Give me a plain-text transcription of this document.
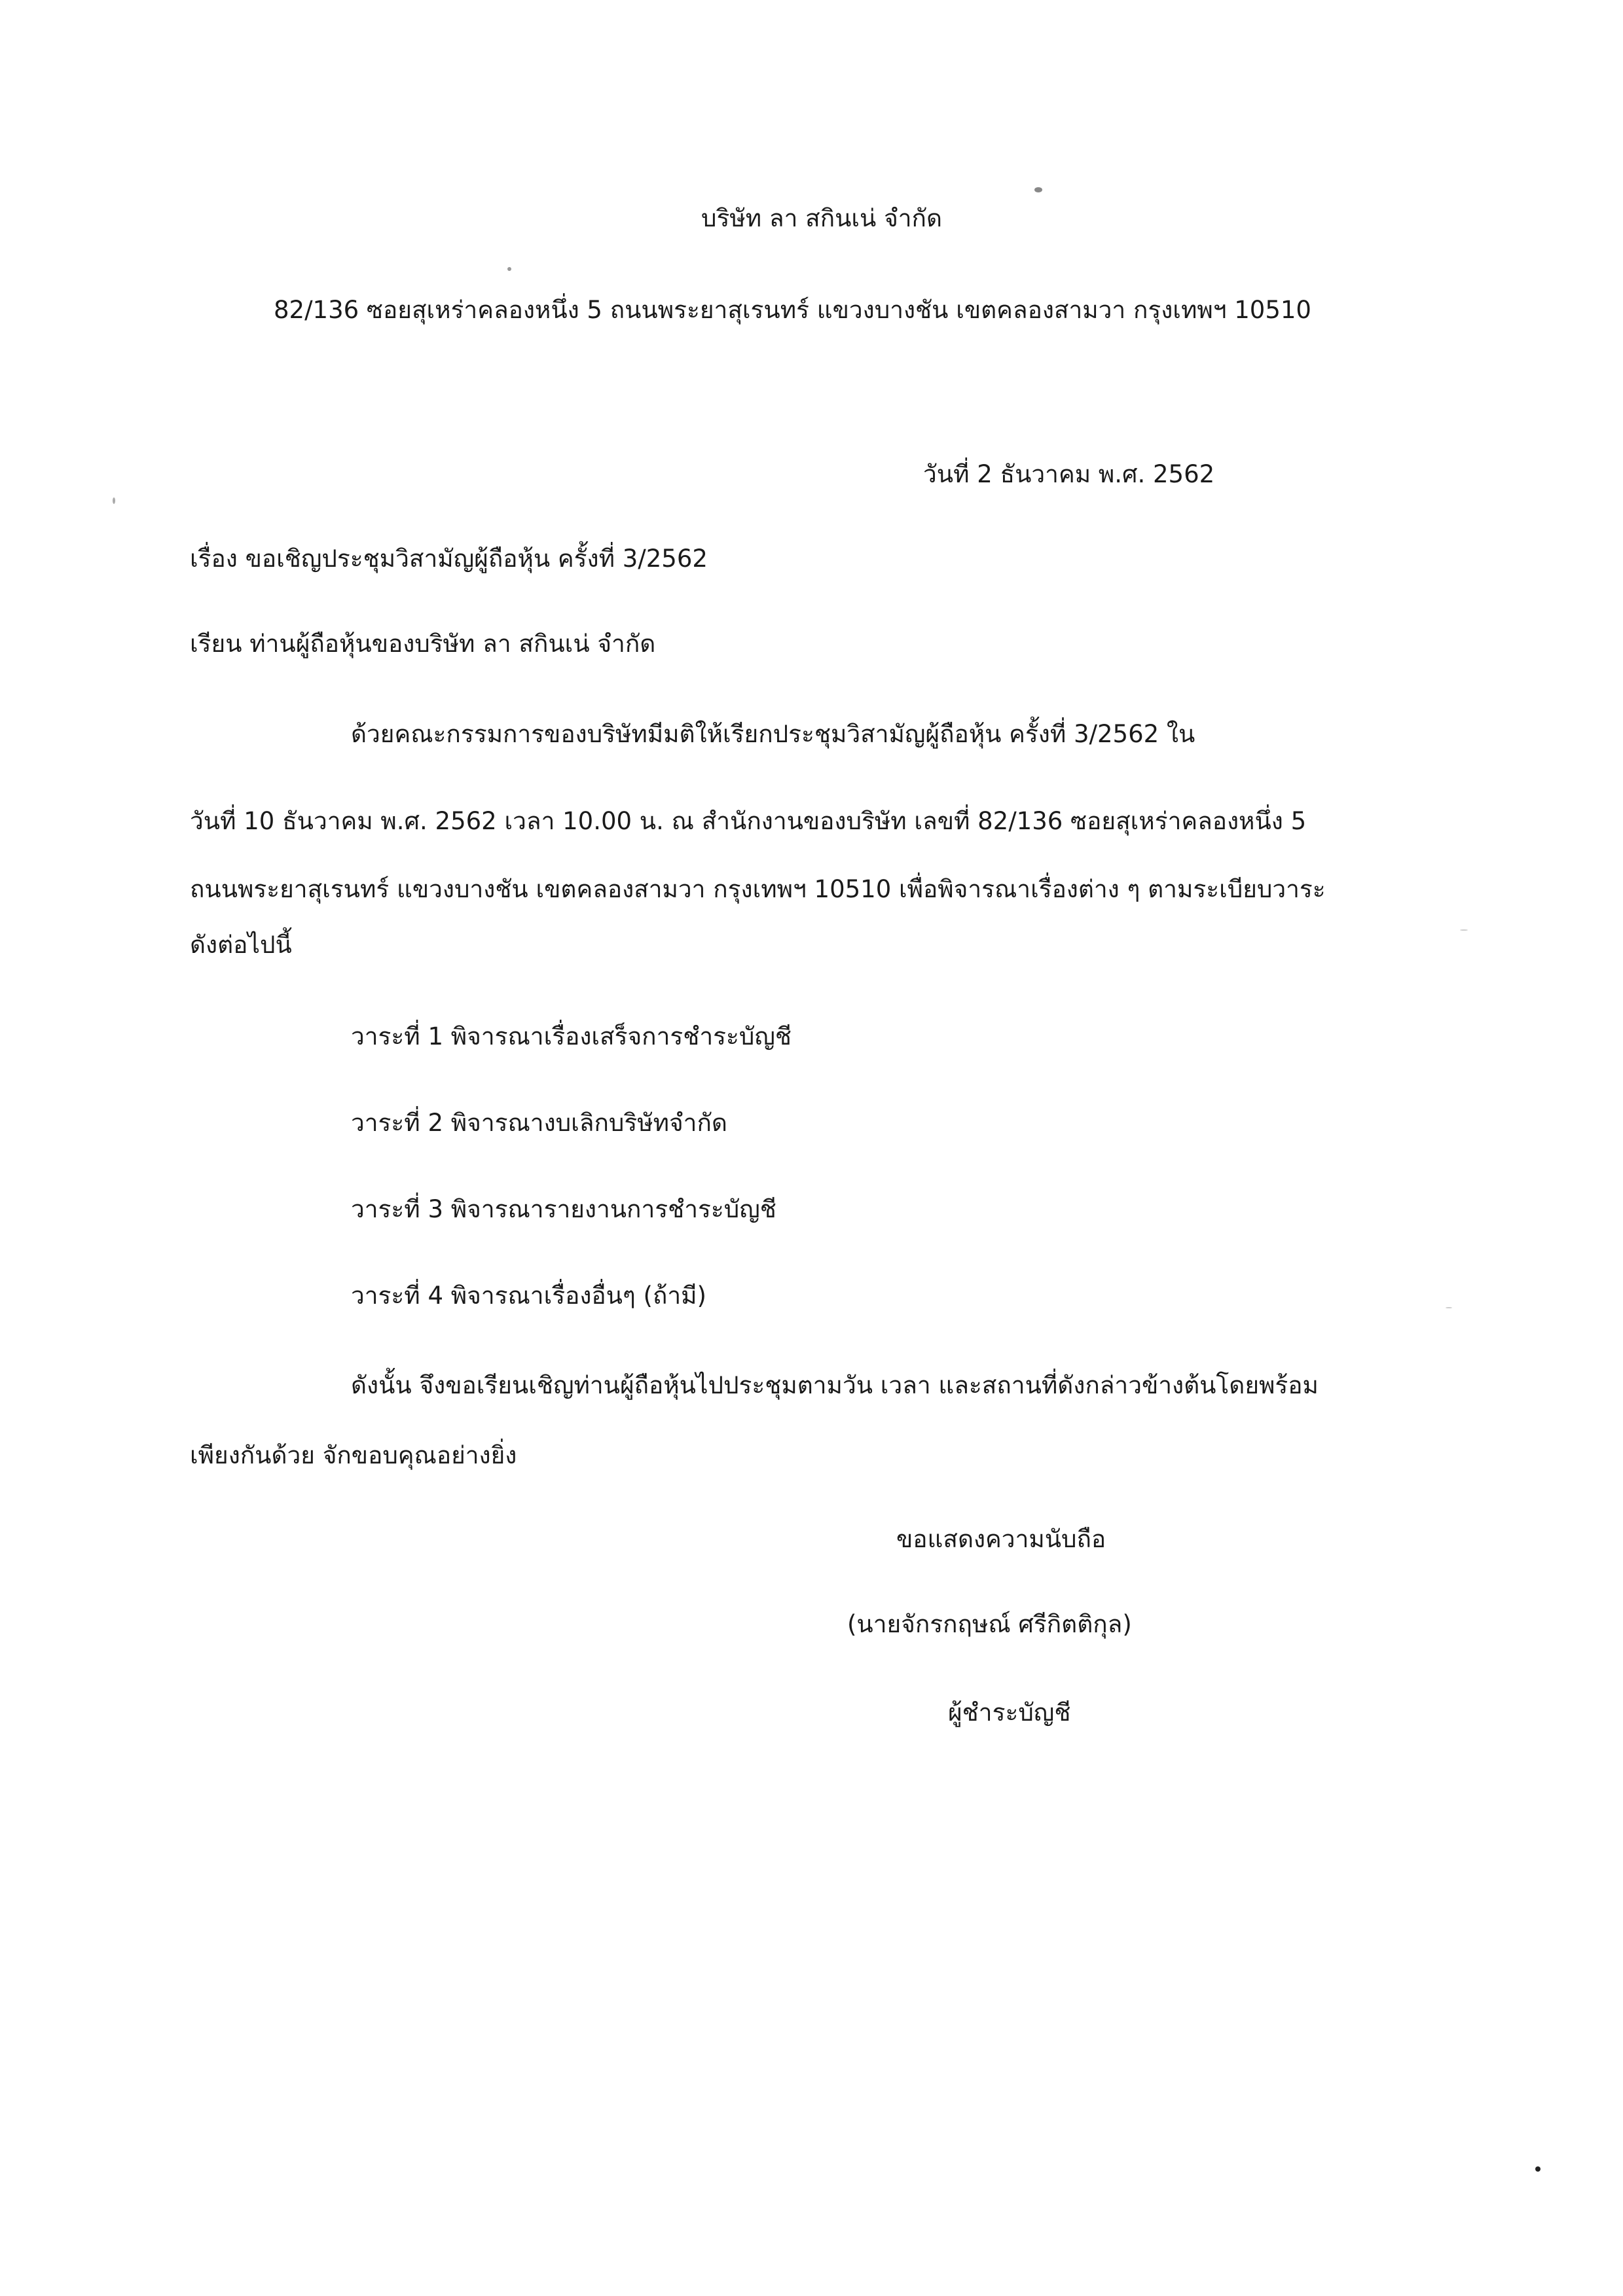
บริษัท ลา สกินเน่ จำกัด
82/136 ซอยสุเหร่าคลองหนึ่ง 5 ถนนพระยาสุเรนทร์ แขวงบางชัน เขตคลองสามวา กรุงเทพฯ 10510
วันที่ 2 ธันวาคม พ.ศ. 2562
เรื่อง ขอเชิญประชุมวิสามัญผู้ถือหุ้น ครั้งที่ 3/2562
เรียน ท่านผู้ถือหุ้นของบริษัท ลา สกินเน่ จำกัด
ด้วยคณะกรรมการของบริษัทมีมติให้เรียกประชุมวิสามัญผู้ถือหุ้น ครั้งที่ 3/2562 ใน
วันที่ 10 ธันวาคม พ.ศ. 2562 เวลา 10.00 น. ณ สำนักงานของบริษัท เลขที่ 82/136 ซอยสุเหร่าคลองหนึ่ง 5
ถนนพระยาสุเรนทร์ แขวงบางชัน เขตคลองสามวา กรุงเทพฯ 10510 เพื่อพิจารณาเรื่องต่าง ๆ ตามระเบียบวาระ
ดังต่อไปนี้
วาระที่ 1 พิจารณาเรื่องเสร็จการชำระบัญชี
วาระที่ 2 พิจารณางบเลิกบริษัทจำกัด
วาระที่ 3 พิจารณารายงานการชำระบัญชี
วาระที่ 4 พิจารณาเรื่องอื่นๆ (ถ้ามี)
ดังนั้น จึงขอเรียนเชิญท่านผู้ถือหุ้นไปประชุมตามวัน เวลา และสถานที่ดังกล่าวข้างต้นโดยพร้อม
เพียงกันด้วย จักขอบคุณอย่างยิ่ง
ขอแสดงความนับถือ
(นายจักรกฤษณ์ ศรีกิตติกุล)
ผู้ชำระบัญชี
